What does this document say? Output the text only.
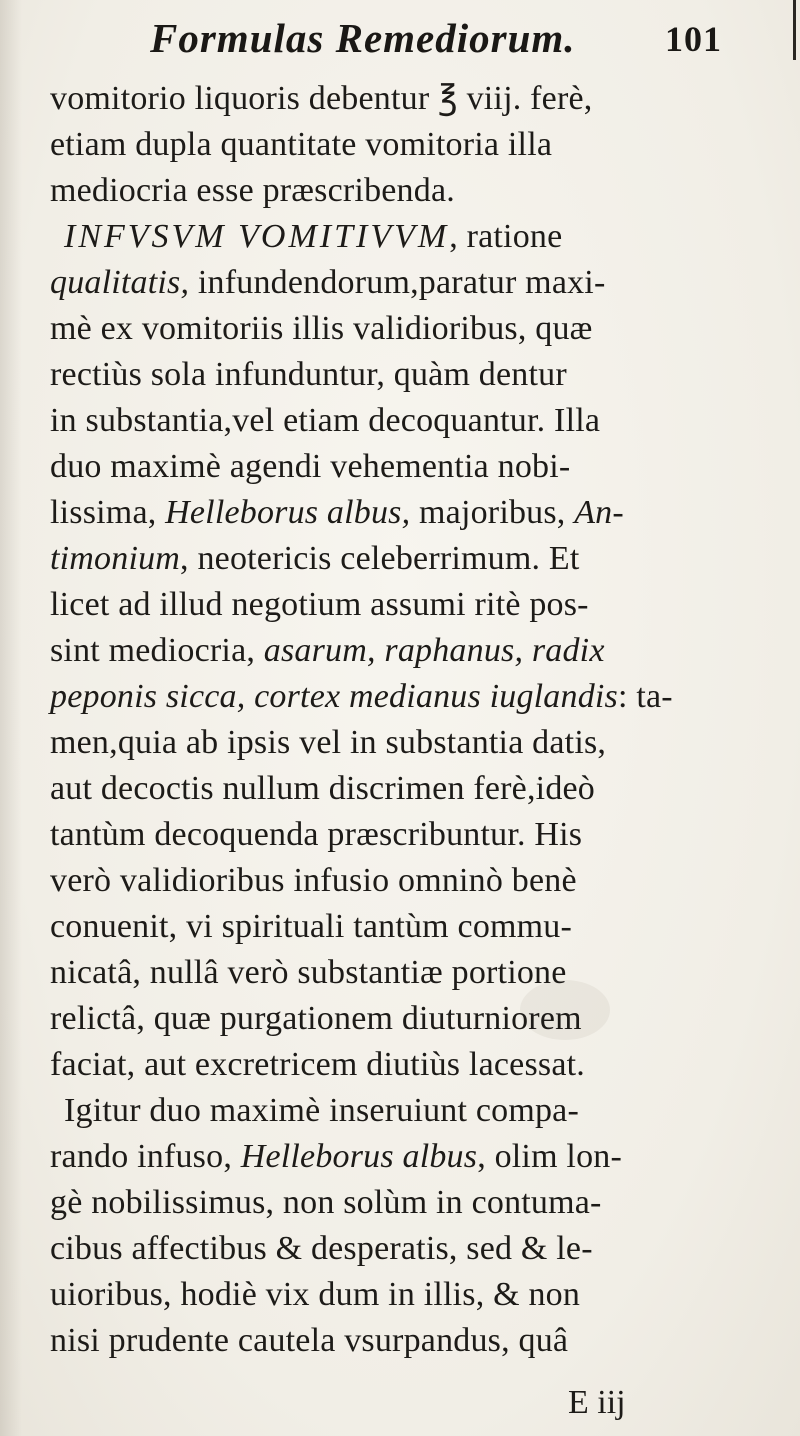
Formulas Remediorum. 101
vomitorio liquoris debentur ℥ viij. ferè,
etiam dupla quantitate vomitoria illa
mediocria esse præscribenda.
INFVSVM VOMITIVVM, ratione
qualitatis, infundendorum,paratur maxi-
mè ex vomitoriis illis validioribus, quæ
rectiùs sola infunduntur, quàm dentur
in substantia,vel etiam decoquantur. Illa
duo maximè agendi vehementia nobi-
lissima, Helleborus albus, majoribus, An-
timonium, neotericis celeberrimum. Et
licet ad illud negotium assumi ritè pos-
sint mediocria, asarum, raphanus, radix
peponis sicca, cortex medianus iuglandis: ta-
men,quia ab ipsis vel in substantia datis,
aut decoctis nullum discrimen ferè,ideò
tantùm decoquenda præscribuntur. His
verò validioribus infusio omninò benè
conuenit, vi spirituali tantùm commu-
nicatâ, nullâ verò substantiæ portione
relictâ, quæ purgationem diuturniorem
faciat, aut excretricem diutiùs lacessat.
Igitur duo maximè inseruiunt compa-
rando infuso, Helleborus albus, olim lon-
gè nobilissimus, non solùm in contuma-
cibus affectibus & desperatis, sed & le-
uioribus, hodiè vix dum in illis, & non
nisi prudente cautela vsurpandus, quâ
E iij
